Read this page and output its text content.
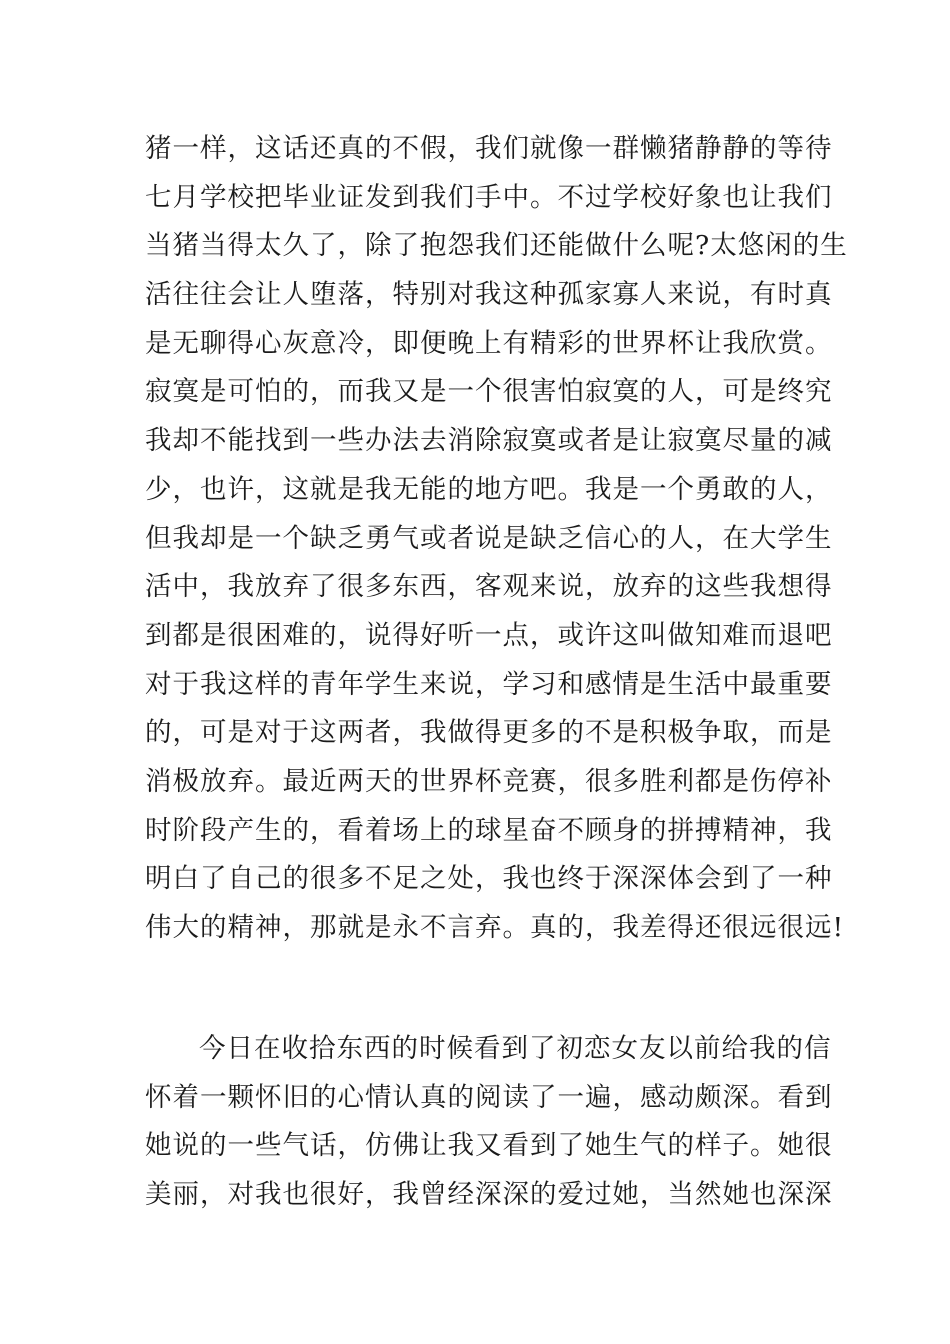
猪一样，这话还真的不假，我们就像一群懒猪静静的等待
七月学校把毕业证发到我们手中。不过学校好象也让我们
当猪当得太久了，除了抱怨我们还能做什么呢?太悠闲的生
活往往会让人堕落，特别对我这种孤家寡人来说，有时真
是无聊得心灰意冷，即便晚上有精彩的世界杯让我欣赏。
寂寞是可怕的，而我又是一个很害怕寂寞的人，可是终究
我却不能找到一些办法去消除寂寞或者是让寂寞尽量的减
少，也许，这就是我无能的地方吧。我是一个勇敢的人，
但我却是一个缺乏勇气或者说是缺乏信心的人，在大学生
活中，我放弃了很多东西，客观来说，放弃的这些我想得
到都是很困难的，说得好听一点，或许这叫做知难而退吧
对于我这样的青年学生来说，学习和感情是生活中最重要
的，可是对于这两者，我做得更多的不是积极争取，而是
消极放弃。最近两天的世界杯竞赛，很多胜利都是伤停补
时阶段产生的，看着场上的球星奋不顾身的拼搏精神，我
明白了自己的很多不足之处，我也终于深深体会到了一种
伟大的精神，那就是永不言弃。真的，我差得还很远很远!
今日在收拾东西的时候看到了初恋女友以前给我的信
怀着一颗怀旧的心情认真的阅读了一遍，感动颇深。看到
她说的一些气话，仿佛让我又看到了她生气的样子。她很
美丽，对我也很好，我曾经深深的爱过她，当然她也深深
